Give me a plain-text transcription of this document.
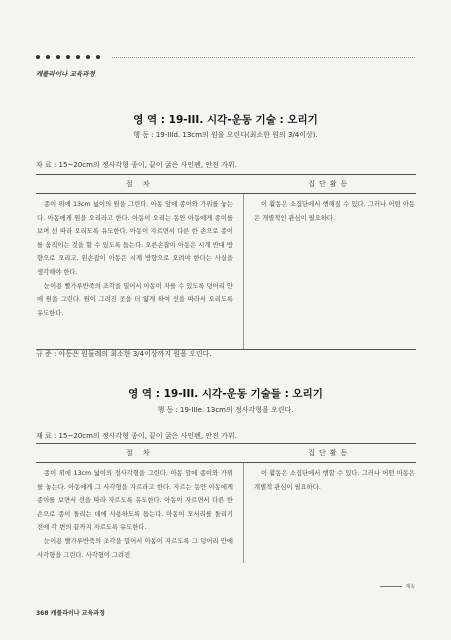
캐롤라이나 교육과정
영 역 : 19-III. 시각-운동 기술 : 오리기
행 동 : 19-IIId. 13cm의 원을 오린다(최소한 원의 3/4이상).
자 료 : 15~20cm의 정사각형 종이, 끝이 굵은 사인펜, 안전 가위.
절 차	집단활동

종이 위에 13cm 넓이의 원을 그린다. 아동 앞에 종이와 가위를 놓는다. 아동에게 원을 오리라고 한다. 아동이 오리는 동안 아동에게 종이를 보며 선 따라 오리도록 유도한다. 아동이 자르면서 다른 한 손으로 종이를 움직이는 것을 할 수 있도록 돕는다. 오른손잡이 아동은 시계 반대 방향으로 오리고, 왼손잡이 아동은 시계 방향으로 오려야 한다는 사실을 생각해야 한다.

눈이용 빨가루반죽의 조각을 밀어서 아동이 자를 수 있도록 덩어리 안에 원을 그린다. 원이 그려진 곳을 더 얇게 하여 선을 따라서 오리도록 유도한다.	이 활동은 소집단에서 행해질 수 있다. 그러나 어떤 아동은 개별적인 관심이 필요하다.

규 준 : 아동은 원둘레의 최소한 3/4이상까지 원을 오린다.
영 역 : 19-III. 시각-운동 기술들 : 오리기
행 동 : 19-IIIe. 13cm의 정사각형을 오린다.
재 료 : 15~20cm의 정사각형 종이, 끝이 굵은 사인펜, 안전 가위.
절 차	집단활동

종이 위에 13cm 넓이의 정사각형을 그린다. 아동 앞에 종이와 가위를 놓는다. 아동에게 그 사각형을 자르라고 한다. 자르는 동안 아동에게 종이를 보면서 선을 따라 자르도록 유도한다. 아동이 자르면서 다른 한 손으로 종이 돌리는 데에 사용하도록 돕는다. 아동이 모서리를 돌리기 전에 각 변의 끝까지 자르도록 유도한다.

눈이용 빨가루반죽의 조각을 밀어서 아동이 자르도록 그 덩어리 안에 사각형을 그린다. 사각형이 그려진	이 활동은 소집단에서 행할 수 있다. 그러나 어떤 아동은 개별적 관심이 필요하다.

계속
368 캐롤라이나 교육과정
